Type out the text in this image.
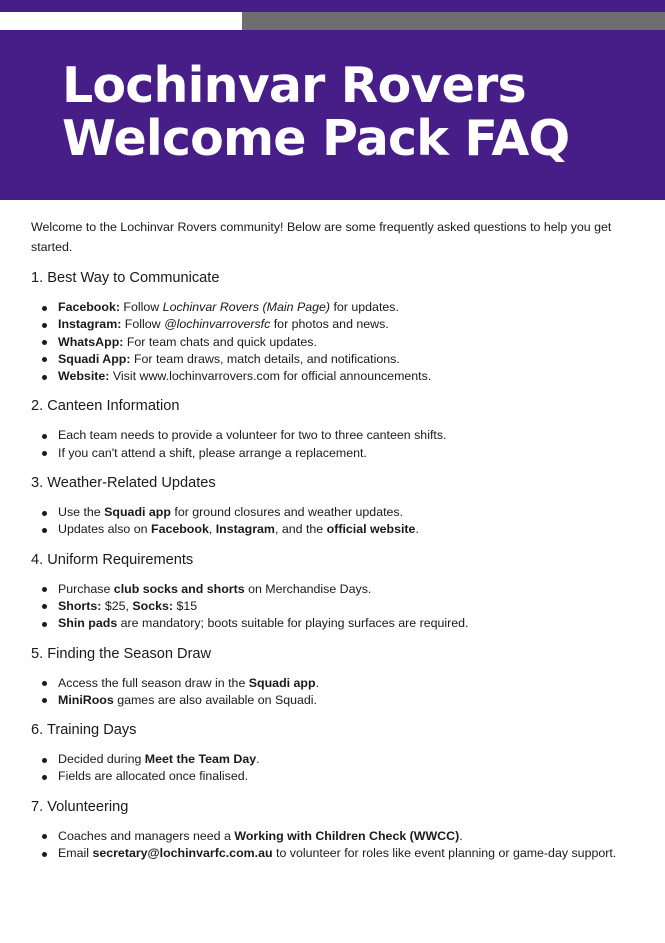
Lochinvar Rovers
Welcome Pack FAQ

Welcome to the Lochinvar Rovers community! Below are some frequently asked questions to help you get started.

1. Best Way to Communicate
Facebook: Follow Lochinvar Rovers (Main Page) for updates.
Instagram: Follow @lochinvarroversfc for photos and news.
WhatsApp: For team chats and quick updates.
Squadi App: For team draws, match details, and notifications.
Website: Visit www.lochinvarrovers.com for official announcements.
2. Canteen Information
Each team needs to provide a volunteer for two to three canteen shifts.
If you can't attend a shift, please arrange a replacement.
3. Weather-Related Updates
Use the Squadi app for ground closures and weather updates.
Updates also on Facebook, Instagram, and the official website.
4. Uniform Requirements
Purchase club socks and shorts on Merchandise Days.
Shorts: $25, Socks: $15
Shin pads are mandatory; boots suitable for playing surfaces are required.
5. Finding the Season Draw
Access the full season draw in the Squadi app.
MiniRoos games are also available on Squadi.
6. Training Days
Decided during Meet the Team Day.
Fields are allocated once finalised.
7. Volunteering
Coaches and managers need a Working with Children Check (WWCC).
Email secretary@lochinvarfc.com.au to volunteer for roles like event planning or game-day support.
